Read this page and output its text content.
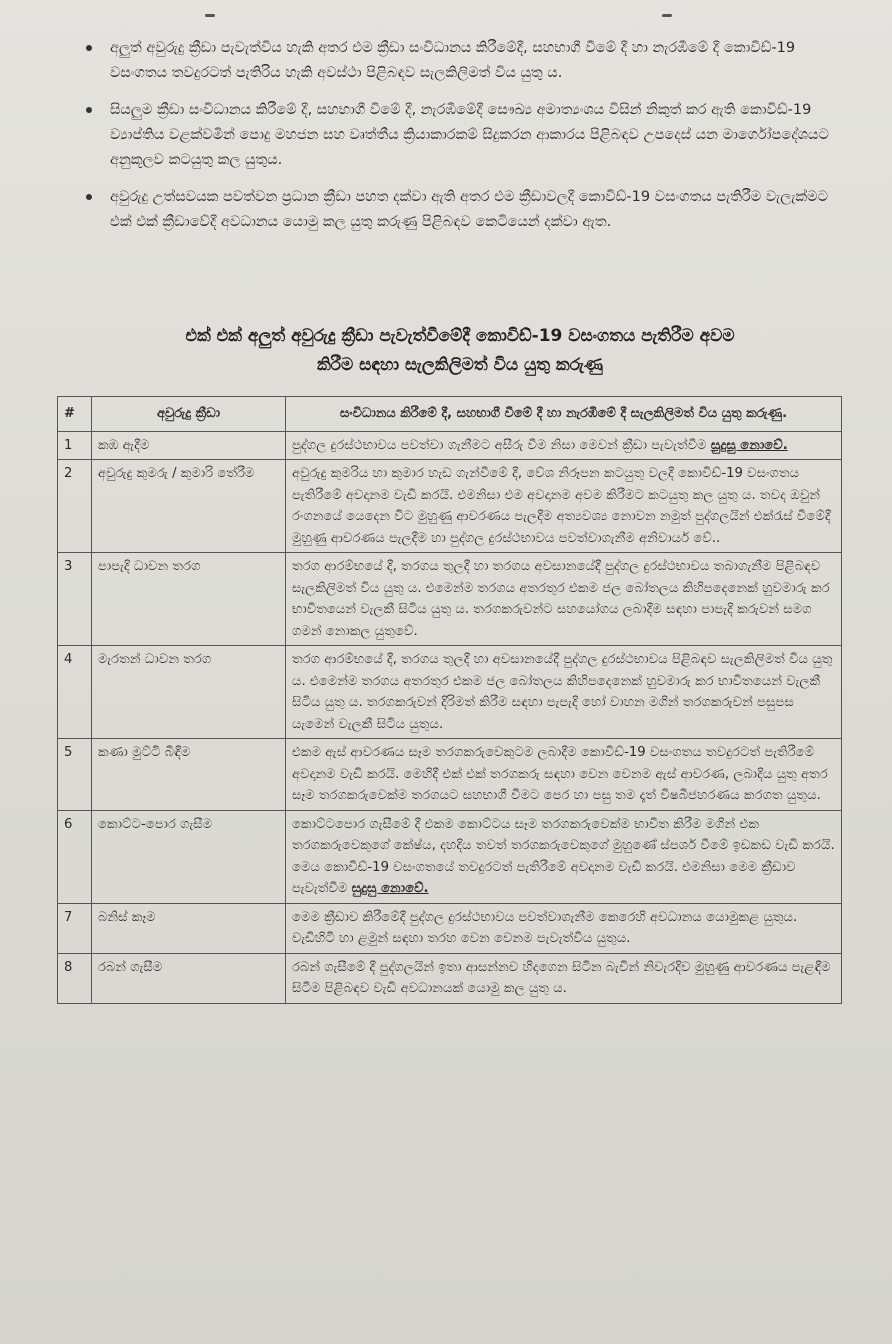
අලුත් අවුරුදු ක්‍රීඩා පැවැත්විය හැකි අතර එම ක්‍රීඩා සංවිධානය කිරීමේදී, සහභාගී වීමේ දී හා නැරඹීමේ දී කොවිඩ්-19 වසංගතය තවදුරටත් පැතිරිය හැකි අවස්ථා පිළිබඳව සැලකිලිමත් විය යුතු ය.
සියලුම ක්‍රීඩා සංවිධානය කිරීමේ දී, සහභාගී වීමේ දී, නැරඹීමේදී සෞඛ්‍ය අමාත්‍යංශය විසින් නිකුත් කර ඇති කොවිඩ්-19 ව්‍යාප්තිය වළක්වමින් පොදු මහජන සහ වෘත්තීය ක්‍රියාකාරකම් සිදුකරන ආකාරය පිළිබඳව උපදෙස් යන මාර්ගෝපදේශයට අනුකූලව කටයුතු කල යුතුය.
අවුරුදු උත්සවයක පවත්වන ප්‍රධාන ක්‍රීඩා පහත දක්වා ඇති අතර එම ක්‍රීඩාවලදී කොවිඩ්-19 වසංගතය පැතිරීම වැලැක්මට එක් එක් ක්‍රීඩාවේදී අවධානය යොමු කල යුතු කරුණු පිළිබඳව කෙටියෙන් දක්වා ඇත.
එක් එක් අලුත් අවුරුදු ක්‍රීඩා පැවැත්වීමේදී කොවිඩ්-19 වසංගතය පැතිරීම අවම
කිරීම සඳහා සැලකිලිමත් විය යුතු කරුණු
#	අවුරුදු ක්‍රීඩා	සංවිධානය කිරීමේ දී, සහභාගී වීමේ දී හා නැරඹීමේ දී සැලකිලිමත් විය යුතු කරුණු.
1	කඹ ඇදීම	පුද්ගල දුරස්ථභාවය පවත්වා ගැනීමට අසීරු වීම නිසා මෙවන් ක්‍රීඩා පැවැත්වීම සුදුසු නොවේ.
2	අවුරුදු කුමරු / කුමාරි තේරීම	අවුරුදු කුමරිය හා කුමාර හැඩ ගැන්වීමේ දී, වේශ නිරූපන කටයුතු වලදී කොවිඩ්-19 වසංගතය පැතිරීමේ අවදානම වැඩි කරයි. එමනිසා එම අවදානම අවම කිරීමට කටයුතු කල යුතු ය. තවද ඔවුන් රංගනයේ යෙදෙන විට මුහුණු ආවරණය පැලදීම අත්‍යවශ්‍ය නොවන නමුත් පුද්ගලයින් එක්රැස් වීමේදී මුහුණු ආවරණය පැලදීම හා පුද්ගල දුරස්ථභාවය පවත්වාගැනීම අනිවාර්ය වේ..
3	පාපැදි ධාවන තරග	තරග ආරම්භයේ දී, තරගය තුලදී හා තරගය අවසානයේදී පුද්ගල දුරස්ථභාවය තබාගැනීම පිළිබඳව සැලකිලිමත් විය යුතු ය. එමෙන්ම තරගය අතරතුර එකම ජල බෝතලය කිහිපදෙනෙක් හුවමාරු කර භාවිතයෙන් වැලකී සිටිය යුතු ය. තරගකරුවන්ට සහයෝගය ලබාදීම සඳහා පාපැදි කරුවන් සමග ගමන් නොකල යුතුවේ.
4	මැරතන් ධාවන තරග	තරග ආරම්භයේ දී, තරගය තුලදී හා අවසානයේදී පුද්ගල දුරස්ථභාවය පිළිබඳව සැලකිලිමත් විය යුතු ය. එමෙන්ම තරගය අතරතුර එකම ජල බෝතලය කිහිපදෙනෙක් හුවමාරු කර භාවිතයෙන් වැලකී සිටිය යුතු ය. තරගකරුවන් දිරිමත් කිරීම සඳහා පැපැදි හෝ වාහන මගින් තරගකරුවන් පසුපස යැමෙන් වැලකී සිටිය යුතුය.
5	කණා මුට්ටි බිඳීම	එකම ඇස් ආවරණය සෑම තරගකරුවෙකුටම ලබාදීම කොවිඩ්-19 වසංගතය තවදුරටත් පැතිරීමේ අවදානම වැඩි කරයි. මෙහිදී එක් එක් තරගකරු සඳහා වෙන වෙනම ඇස් ආවරණ, ලබාදිය යුතු අතර සෑම තරගකරුවෙක්ම තරගයට සහභාගී වීමට පෙර හා පසු තම දෑත් විෂබීජහරණය කරගත යුතුය.
6	කොට්ට-පොර ගැසීම	කොට්ටපොර ගැසීමේ දී එකම කොට්ටය සෑම තරගකරුවෙක්ම භාවිත කිරීම මගින් එක තරගකරුවෙකුගේ කේෂ්ය, දහදිය තවත් තරගකරුවෙකුගේ මුහුණේ ස්පර්ශ වීමේ ඉඩකඩ වැඩි කරයි. මෙය කොවිඩ්-19 වසංගතයේ තවදුරටත් පැතිරීමේ අවදානම වැඩි කරයි. එමනිසා මෙම ක්‍රීඩාව පැවැත්වීම සුදුසු නොවේ.
7	බනිස් කෑම	මෙම ක්‍රීඩාව කිරීමේදී පුද්ගල දුරස්ථභාවය පවත්වාගැනීම කෙරෙහි අවධානය යොමුකළ යුතුය. වැඩිහිටි හා ළමුන් සඳහා තරහ වෙන වෙනම පැවැත්විය යුතුය.
8	රබන් ගැසීම	රබන් ගැසීමේ දී පුද්ගලයින් ඉතා ආසන්නව හිදගෙන සිටින බැවින් නිවැරදිව මුහුණු ආවරණය පැළඳීම සිටීම පිළිබඳව වැඩි අවධානයක් යොමු කල යුතු ය.
